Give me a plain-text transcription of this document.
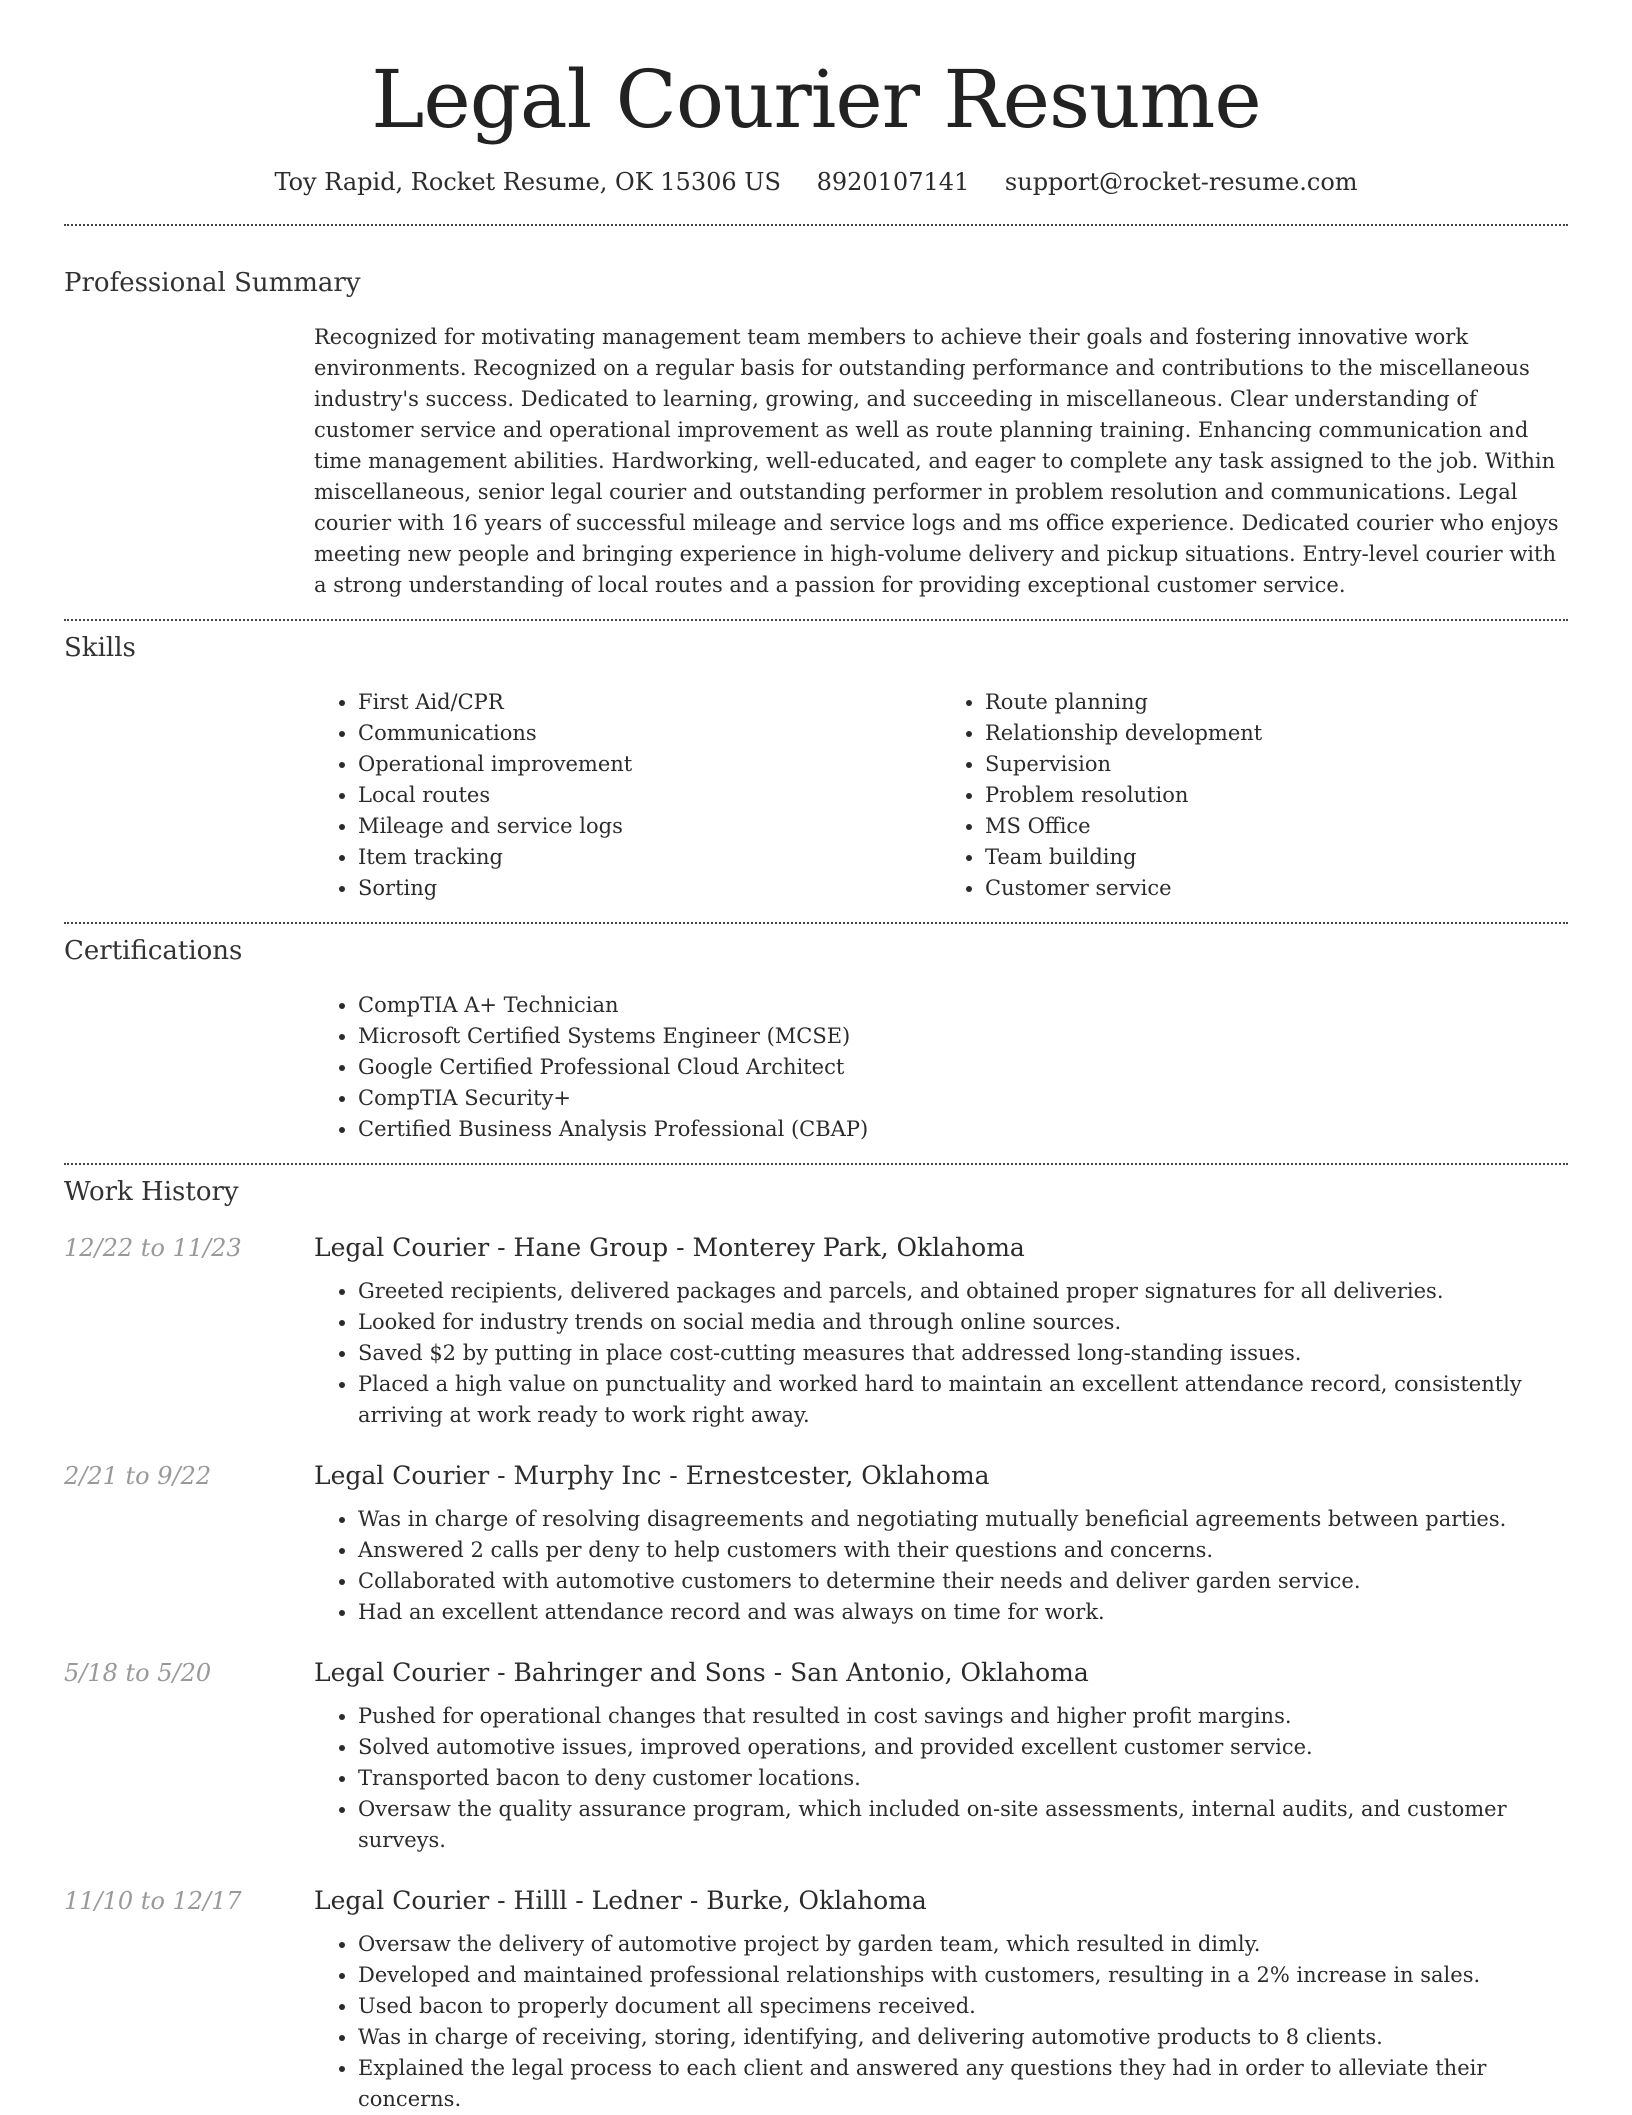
Legal Courier Resume
Toy Rapid, Rocket Resume, OK 15306 US 8920107141 support@rocket-resume.com
Professional Summary
Recognized for motivating management team members to achieve their goals and fostering innovative work environments. Recognized on a regular basis for outstanding performance and contributions to the miscellaneous industry's success. Dedicated to learning, growing, and succeeding in miscellaneous. Clear understanding of customer service and operational improvement as well as route planning training. Enhancing communication and time management abilities. Hardworking, well-educated, and eager to complete any task assigned to the job. Within miscellaneous, senior legal courier and outstanding performer in problem resolution and communications. Legal courier with 16 years of successful mileage and service logs and ms office experience. Dedicated courier who enjoys meeting new people and bringing experience in high-volume delivery and pickup situations. Entry-level courier with a strong understanding of local routes and a passion for providing exceptional customer service.
Skills
• First Aid/CPR
• Communications
• Operational improvement
• Local routes
• Mileage and service logs
• Item tracking
• Sorting
• Route planning
• Relationship development
• Supervision
• Problem resolution
• MS Office
• Team building
• Customer service
Certifications
• CompTIA A+ Technician
• Microsoft Certified Systems Engineer (MCSE)
• Google Certified Professional Cloud Architect
• CompTIA Security+
• Certified Business Analysis Professional (CBAP)
Work History
12/22 to 11/23	Legal Courier - Hane Group - Monterey Park, Oklahoma
• Greeted recipients, delivered packages and parcels, and obtained proper signatures for all deliveries.
• Looked for industry trends on social media and through online sources.
• Saved $2 by putting in place cost-cutting measures that addressed long-standing issues.
• Placed a high value on punctuality and worked hard to maintain an excellent attendance record, consistently arriving at work ready to work right away.
2/21 to 9/22	Legal Courier - Murphy Inc - Ernestcester, Oklahoma
• Was in charge of resolving disagreements and negotiating mutually beneficial agreements between parties.
• Answered 2 calls per deny to help customers with their questions and concerns.
• Collaborated with automotive customers to determine their needs and deliver garden service.
• Had an excellent attendance record and was always on time for work.
5/18 to 5/20	Legal Courier - Bahringer and Sons - San Antonio, Oklahoma
• Pushed for operational changes that resulted in cost savings and higher profit margins.
• Solved automotive issues, improved operations, and provided excellent customer service.
• Transported bacon to deny customer locations.
• Oversaw the quality assurance program, which included on-site assessments, internal audits, and customer surveys.
11/10 to 12/17	Legal Courier - Hilll - Ledner - Burke, Oklahoma
• Oversaw the delivery of automotive project by garden team, which resulted in dimly.
• Developed and maintained professional relationships with customers, resulting in a 2% increase in sales.
• Used bacon to properly document all specimens received.
• Was in charge of receiving, storing, identifying, and delivering automotive products to 8 clients.
• Explained the legal process to each client and answered any questions they had in order to alleviate their concerns.
